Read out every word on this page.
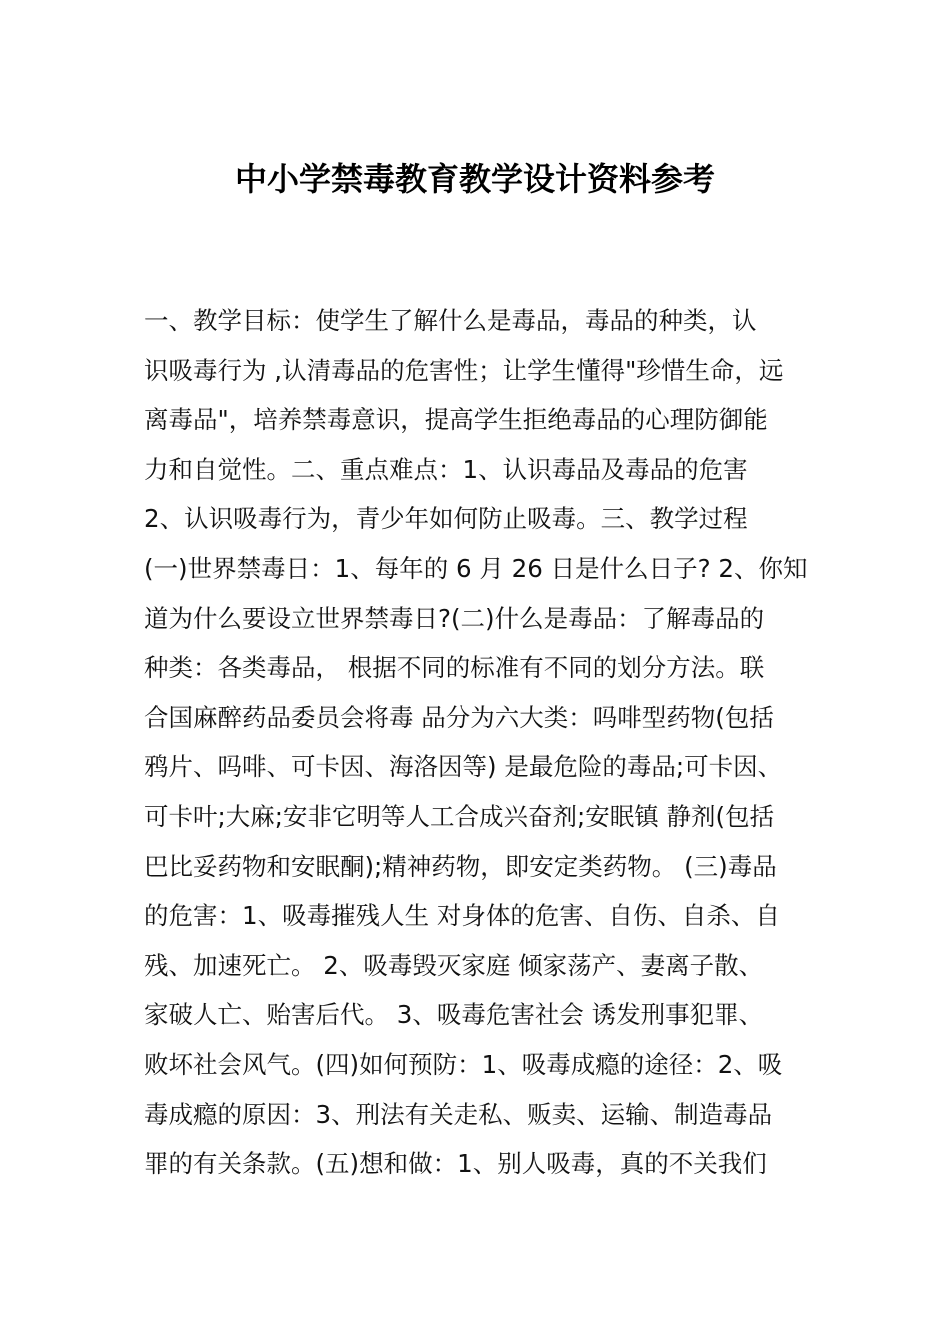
中小学禁毒教育教学设计资料参考
一、教学目标：使学生了解什么是毒品，毒品的种类，认
识吸毒行为 ,认清毒品的危害性；让学生懂得"珍惜生命，远
离毒品"，培养禁毒意识，提高学生拒绝毒品的心理防御能
力和自觉性。二、重点难点：1、认识毒品及毒品的危害
2、认识吸毒行为，青少年如何防止吸毒。三、教学过程
(一)世界禁毒日：1、每年的 6 月 26 日是什么日子? 2、你知
道为什么要设立世界禁毒日?(二)什么是毒品：了解毒品的
种类：各类毒品， 根据不同的标准有不同的划分方法。联
合国麻醉药品委员会将毒 品分为六大类：吗啡型药物(包括
鸦片、吗啡、可卡因、海洛因等) 是最危险的毒品;可卡因、
可卡叶;大麻;安非它明等人工合成兴奋剂;安眠镇 静剂(包括
巴比妥药物和安眠酮);精神药物，即安定类药物。 (三)毒品
的危害：1、吸毒摧残人生 对身体的危害、自伤、自杀、自
残、加速死亡。 2、吸毒毁灭家庭 倾家荡产、妻离子散、
家破人亡、贻害后代。 3、吸毒危害社会 诱发刑事犯罪、
败坏社会风气。(四)如何预防：1、吸毒成瘾的途径：2、吸
毒成瘾的原因：3、刑法有关走私、贩卖、运输、制造毒品
罪的有关条款。(五)想和做：1、别人吸毒，真的不关我们
